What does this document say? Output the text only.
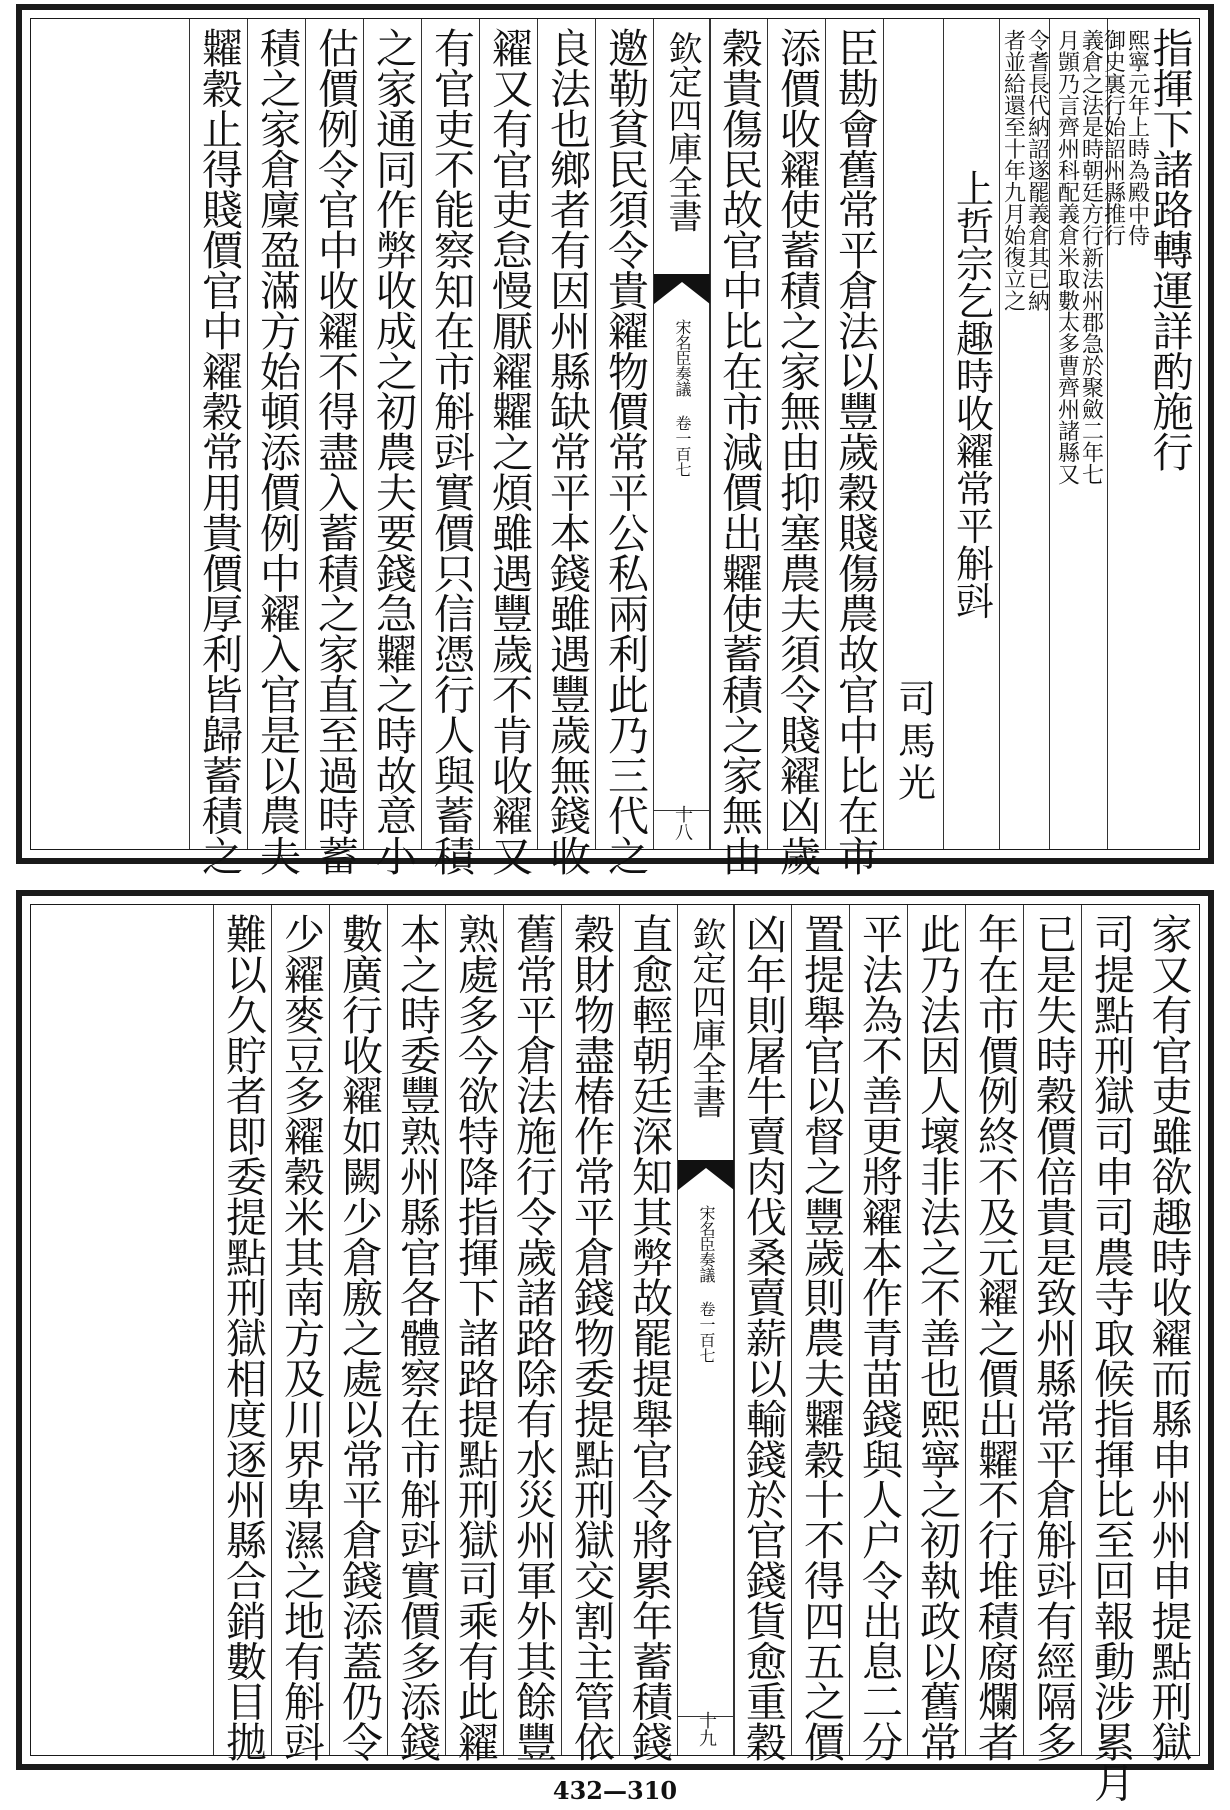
指揮下諸路轉運詳酌施行
熙寧元年上時為殿中侍
御史裏行始詔州縣推行
義倉之法是時朝廷方行新法州郡急於聚斂二年七
月顗乃言齊州科配義倉米取數太多曹齊州諸縣又
令耆長代納詔遂罷義倉其已納
者並給還至十年九月始復立之
上哲宗乞趣時收糴常平斛㪷
司馬光
臣勘會舊常平倉法以豐歲穀賤傷農故官中比在市
添價收糴使蓄積之家無由抑塞農夫須令賤糴凶歲
穀貴傷民故官中比在市減價出糶使蓄積之家無由
欽定四庫全書
宋名臣奏議 卷一百七
十八
邀勒貧民須令貴糴物價常平公私兩利此乃三代之
良法也鄉者有因州縣缺常平本錢雖遇豐歲無錢收
糴又有官吏怠慢厭糴糶之煩雖遇豐歲不肯收糴又
有官吏不能察知在市斛㪷實價只信憑行人與蓄積
之家通同作弊收成之初農夫要錢急糶之時故意小
估價例令官中收糴不得盡入蓄積之家直至過時蓄
積之家倉廩盈滿方始頓添價例中糴入官是以農夫
糶穀止得賤價官中糴穀常用貴價厚利皆歸蓄積之
家又有官吏雖欲趣時收糴而縣申州州申提點刑獄
司提點刑獄司申司農寺取候指揮比至回報動涉累月
已是失時穀價倍貴是致州縣常平倉斛㪷有經隔多
年在市價例終不及元糴之價出糶不行堆積腐爛者
此乃法因人壞非法之不善也熙寧之初執政以舊常
平法為不善更將糴本作青苗錢與人户令出息二分
置提舉官以督之豐歲則農夫糶穀十不得四五之價
凶年則屠牛賣肉伐桑賣薪以輸錢於官錢貨愈重穀
欽定四庫全書
宋名臣奏議 卷一百七
十九
直愈輕朝廷深知其弊故罷提舉官令將累年蓄積錢
穀財物盡椿作常平倉錢物委提點刑獄交割主管依
舊常平倉法施行令歲諸路除有水災州軍外其餘豐
熟處多今欲特降指揮下諸路提點刑獄司乘有此糴
本之時委豐熟州縣官各體察在市斛㪷實價多添錢
數廣行收糴如闕少倉廒之處以常平倉錢添蓋仍令
少糴麥豆多糴穀米其南方及川界卑濕之地有斛㪷
難以久貯者即委提點刑獄相度逐州縣合銷數目拋
432—310
